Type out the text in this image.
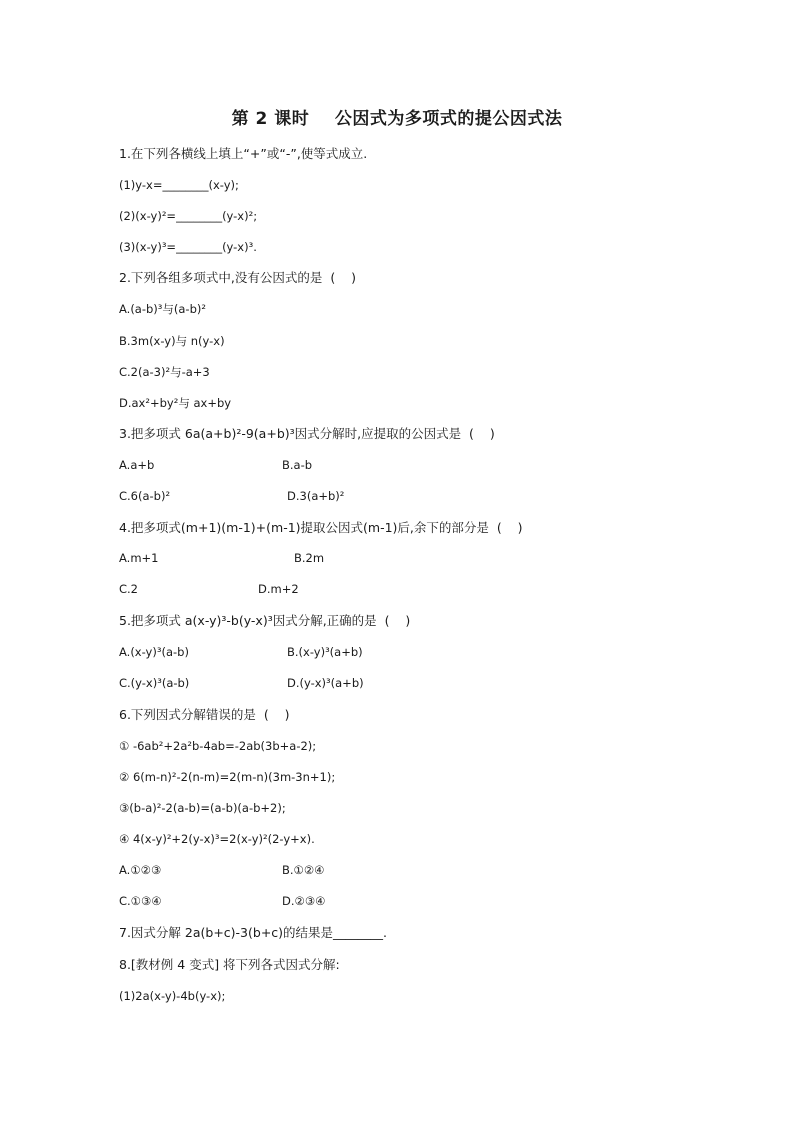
第 2 课时    公因式为多项式的提公因式法
1.在下列各横线上填上“+”或“-”,使等式成立.
(1)y-x=________(x-y);
(2)(x-y)²=________(y-x)²;
(3)(x-y)³=________(y-x)³.
2.下列各组多项式中,没有公因式的是  (    )
A.(a-b)³与(a-b)²
B.3m(x-y)与 n(y-x)
C.2(a-3)²与-a+3
D.ax²+by²与 ax+by
3.把多项式 6a(a+b)²-9(a+b)³因式分解时,应提取的公因式是  (    )
A.a+b	B.a-b
C.6(a-b)²	D.3(a+b)²
4.把多项式(m+1)(m-1)+(m-1)提取公因式(m-1)后,余下的部分是  (    )
A.m+1	B.2m
C.2	D.m+2
5.把多项式 a(x-y)³-b(y-x)³因式分解,正确的是  (    )
A.(x-y)³(a-b)	B.(x-y)³(a+b)
C.(y-x)³(a-b)	D.(y-x)³(a+b)
6.下列因式分解错误的是  (    )
① -6ab²+2a²b-4ab=-2ab(3b+a-2);
② 6(m-n)²-2(n-m)=2(m-n)(3m-3n+1);
③(b-a)²-2(a-b)=(a-b)(a-b+2);
④ 4(x-y)²+2(y-x)³=2(x-y)²(2-y+x).
A.①②③	B.①②④
C.①③④	D.②③④
7.因式分解 2a(b+c)-3(b+c)的结果是________.
8.[教材例 4 变式] 将下列各式因式分解:
(1)2a(x-y)-4b(y-x);
